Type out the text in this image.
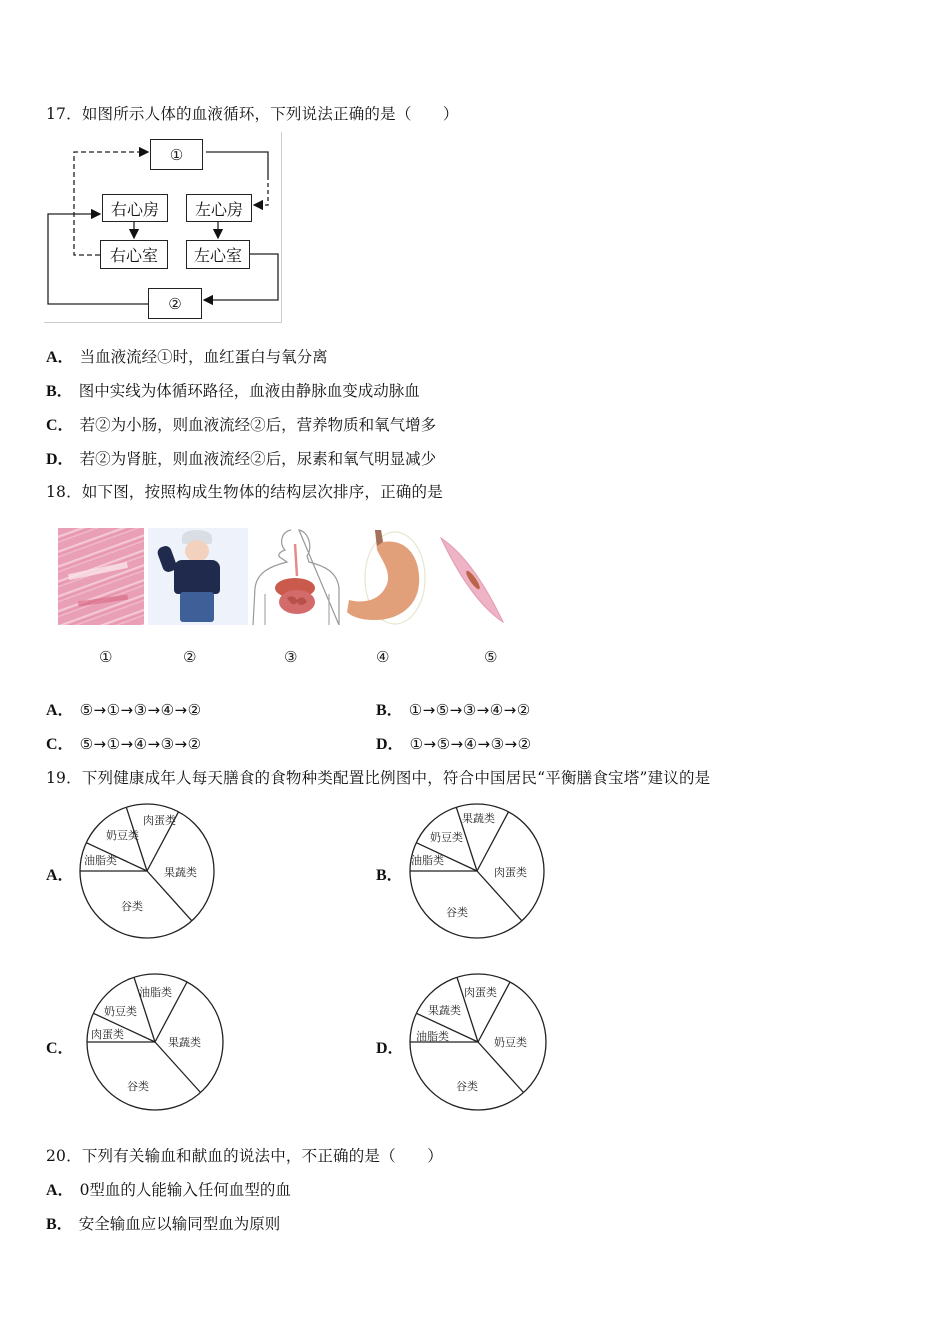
17．如图所示人体的血液循环，下列说法正确的是（　　）
①
右心房 左心房
右心室 左心室
②
A． 当血液流经①时，血红蛋白与氧分离
B． 图中实线为体循环路径，血液由静脉血变成动脉血
C． 若②为小肠，则血液流经②后，营养物质和氧气增多
D． 若②为肾脏，则血液流经②后，尿素和氧气明显减少
18．如下图，按照构成生物体的结构层次排序，正确的是
①	②	③	④	⑤
A． ⑤→①→③→④→②	B． ①→⑤→③→④→②
C． ⑤→①→④→③→②	D． ①→⑤→④→③→②
19．下列健康成年人每天膳食的食物种类配置比例图中，符合中国居民“平衡膳食宝塔”建议的是
A．
肉蛋类
奶豆类
油脂类
果蔬类
谷类
B．
果蔬类
奶豆类
油脂类
肉蛋类
谷类
C．
油脂类
奶豆类
肉蛋类
果蔬类
谷类
D．
肉蛋类
果蔬类
油脂类	奶豆类
谷类
20．下列有关输血和献血的说法中，不正确的是（　　）
A． 0型血的人能输入任何血型的血
B． 安全输血应以输同型血为原则
